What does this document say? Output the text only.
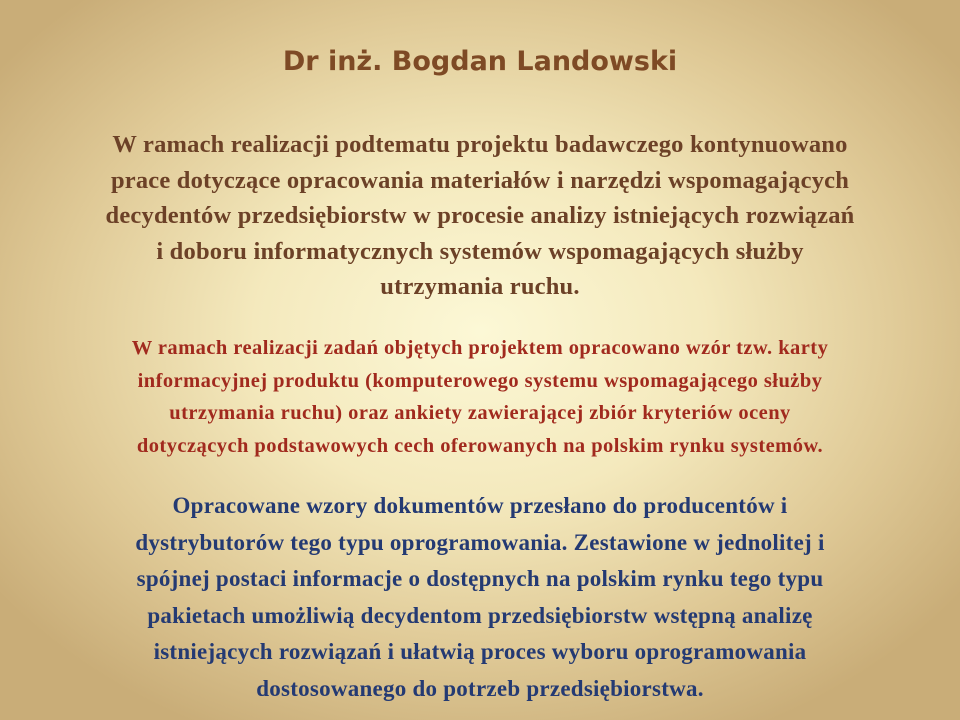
Dr inż. Bogdan Landowski

W ramach realizacji podtematu projektu badawczego kontynuowano
prace dotyczące opracowania materiałów i narzędzi wspomagających
decydentów przedsiębiorstw w procesie analizy istniejących rozwiązań
i doboru informatycznych systemów wspomagających służby
utrzymania ruchu.

W ramach realizacji zadań objętych projektem opracowano wzór tzw. karty
informacyjnej produktu (komputerowego systemu wspomagającego służby
utrzymania ruchu) oraz ankiety zawierającej zbiór kryteriów oceny
dotyczących podstawowych cech oferowanych na polskim rynku systemów.

Opracowane wzory dokumentów przesłano do producentów i
dystrybutorów tego typu oprogramowania. Zestawione w jednolitej i
spójnej postaci informacje o dostępnych na polskim rynku tego typu
pakietach umożliwią decydentom przedsiębiorstw wstępną analizę
istniejących rozwiązań i ułatwią proces wyboru oprogramowania
dostosowanego do potrzeb przedsiębiorstwa.
